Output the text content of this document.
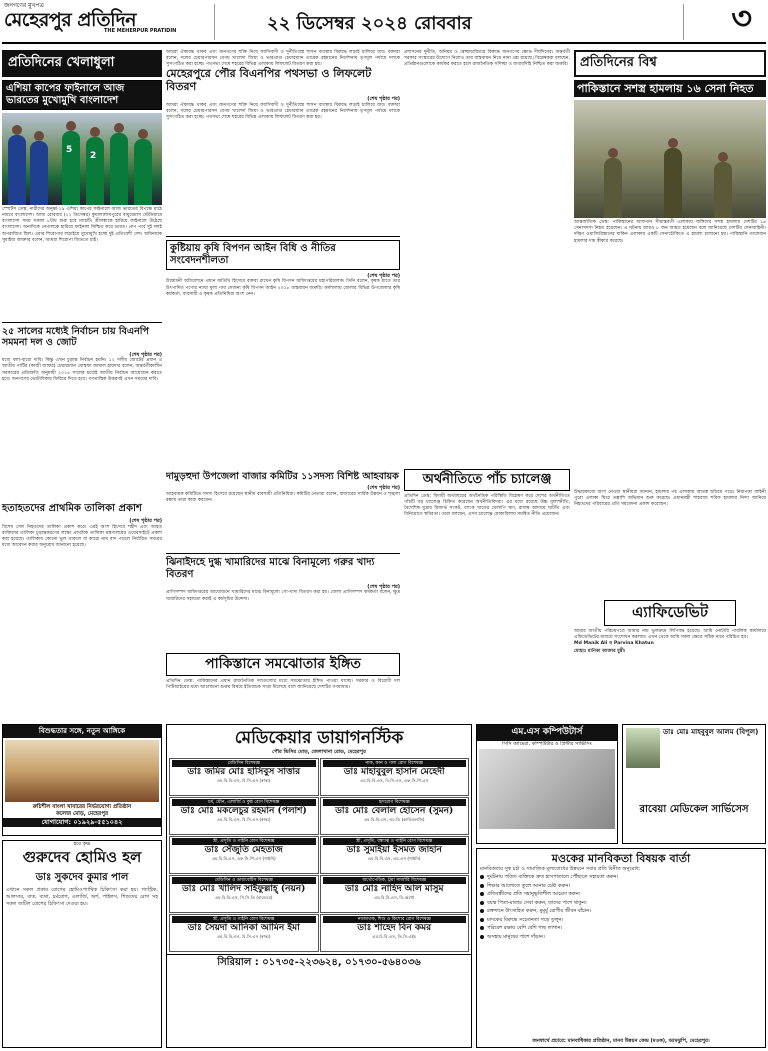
জনগণের মুখপত্র
মেহেরপুর প্রতিদিন
THE MEHERPUR PRATIDIN	২২ ডিসেম্বর ২০২৪ রোববার	৩
প্রতিদিনের খেলাধুলা
এশিয়া কাপের ফাইনালে আজ ভারতের মুখোমুখি বাংলাদেশ
5
2
স্পোর্টস ডেস্ক: নারীদের অনূর্ধ্ব-১৯ এশিয়া কাপের ফাইনালে আজ ভারতের বিপক্ষে মাঠে নামবে বাংলাদেশ। আজ রোববার (২২ ডিসেম্বর) কুয়ালালামপুরের বায়ুয়েমাস স্টেডিয়ামে বাংলাদেশ সময় সকাল ৮টায় শুরু হবে ম্যাচটি। শ্রীলঙ্কাকে হারিয়ে ফাইনালে উঠেছে বাংলাদেশ। অন্যদিকে নেপালকে হারিয়ে ফাইনাল নিশ্চিত করে ভারত। গ্রুপ পর্বে দুই দলই অপরাজিত ছিল। এবার শিরোপার লড়াইয়ে মুখোমুখি হচ্ছে দুই প্রতিবেশী দেশ। অধিনায়ক সুমাইয়া আক্তার বলেন, আমরা শিরোপা জিততে চাই।
২৫ সালের মধ্যেই নির্বাচন চায় বিএনপি সমমনা দল ও জোট
(শেষ পৃষ্ঠার পর)
মধ্যে বলা-বারো দাবি। কিন্তু এখন চুড়ান্ত নির্বাচন হয়নি। ১২ দলীয় জোটের প্রধান ও জাতীয় পার্টির (কাজী জাফর) চেয়ারম্যান মোস্তফা জামাল হায়দার বলেন, অন্তর্বর্তীকালীন সরকারের প্রতিশ্রুতি অনুযায়ী ২০২৫ সালের মধ্যেই জাতীয় নির্বাচন আয়োজন করতে হবে। জনগণের ভোটাধিকার ফিরিয়ে দিতে হবে। গণতান্ত্রিক উত্তরণই এখন সময়ের দাবি।
আমরা ঐক্যবদ্ধ থাকব এবং জনগণের শক্তি নিয়ে ফ্যাসিবাদী ও দুর্নীতিগ্রস্ত শাসন ব্যবস্থার বিরুদ্ধে লড়াই চালিয়ে যাব। বক্তারা বলেন, দলের চেয়ারপারসন বেগম খালেদা জিয়া ও ভারপ্রাপ্ত চেয়ারম্যান তারেক রহমানের নির্দেশনায় তৃণমূল পর্যায়ে দলকে সুসংগঠিত করা হচ্ছে। পথসভা শেষে শহরের বিভিন্ন এলাকায় লিফলেট বিতরণ করা হয়।
মেহেরপুরে পৌর বিএনপির পথসভা ও লিফলেট বিতরণ
(শেষ পৃষ্ঠার পর)
আমরা ঐক্যবদ্ধ থাকব এবং জনগণের শক্তি নিয়ে ফ্যাসিবাদী ও দুর্নীতিগ্রস্ত শাসন ব্যবস্থার বিরুদ্ধে লড়াই চালিয়ে যাব। বক্তারা বলেন, দলের চেয়ারপারসন বেগম খালেদা জিয়া ও ভারপ্রাপ্ত চেয়ারম্যান তারেক রহমানের নির্দেশনায় তৃণমূল পর্যায়ে দলকে সুসংগঠিত করা হচ্ছে। পথসভা শেষে শহরের বিভিন্ন এলাকায় লিফলেট বিতরণ করা হয়।
কুষ্টিয়ায় কৃষি বিপণন আইন বিধি ও নীতির সংবেদনশীলতা
(শেষ পৃষ্ঠার পর)
উদ্বোধনী অধিবেশনে প্রধান অতিথি হিসেবে বক্তব্য রাখেন কৃষি বিপণন অধিদপ্তরের মহাপরিচালক। তিনি বলেন, কৃষক যাতে তার উৎপাদিত পণ্যের ন্যায্য মূল্য পায় সেজন্য কৃষি বিপণন আইন ২০১৮ বাস্তবায়ন জরুরি। কর্মশালায় জেলার বিভিন্ন উপজেলার কৃষি কর্মকর্তা, ব্যবসায়ী ও কৃষক প্রতিনিধিরা অংশ নেন।
প্রশাসনের দুর্নীতি, অনিয়ম ও স্বেচ্ছাচারিতার বিরুদ্ধে জনগণের ক্ষোভ দীর্ঘদিনের। অন্তর্বর্তী সরকার সংস্কারের উদ্যোগ নিলেও তার বাস্তবায়ন নিয়ে নানা প্রশ্ন রয়েছে। বিশ্লেষকরা বলছেন, প্রতিষ্ঠানগুলোকে কার্যকর করতে হলে রাজনৈতিক সদিচ্ছা ও জবাবদিহি নিশ্চিত করা জরুরি। প্রতিদিনের বিশ্ব
পাকিস্তানে সশস্ত্র হামলায় ১৬ সেনা নিহত
আন্তর্জাতিক ডেস্ক: পাকিস্তানের আফগান সীমান্তবর্তী এলাকায় জঙ্গিদের সশস্ত্র হামলায় দেশটির ১৬ সেনাসদস্য নিহত হয়েছেন। এ ঘটনায় আরও ৮ জন আহত হয়েছেন বলে জানিয়েছে দেশটির সেনাবাহিনী। দক্ষিণ ওয়াজিরিস্তানের মাকিন এলাকায় একটি সেনাচৌকিতে এ হামলা চালানো হয়। পাকিস্তানি তালেবান হামলার দায় স্বীকার করেছে।
হতাহতদের প্রাথমিক তালিকা প্রকাশ
(শেষ পৃষ্ঠার পর)
বিশেষ সেল নিহতদের তালিকা প্রকাশ করে। এরই অংশ হিসেবে শহীদ এবং আহত ব্যক্তিদের তালিকা চূড়ান্তকরণের লক্ষ্যে প্রাথমিক তালিকা মন্ত্রণালয়ের ওয়েবসাইটে প্রকাশ করা হয়েছে। তালিকায় কোনো ভুল থাকলে বা কারো নাম বাদ পড়লে নির্ধারিত সময়ের মধ্যে আবেদন করার অনুরোধ জানানো হয়েছে।
দামুড়হুদা উপজেলা বাজার কমিটির ১১সদস্য বিশিষ্ট আহবায়ক
(শেষ পৃষ্ঠার পর)
আহবায়ক কমিটিতে সদস্য হিসেবে রয়েছেন স্থানীয় ব্যবসায়ী প্রতিনিধিরা। কমিটির নেতারা বলেন, বাজারের সার্বিক উন্নয়ন ও শৃঙ্খলা রক্ষায় তারা কাজ করবেন।
ঝিনাইদহে দুগ্ধ খামারিদের মাঝে বিনামূল্যে গরুর খাদ্য বিতরণ
(শেষ পৃষ্ঠার পর)
প্রাণিসম্পদ অধিদপ্তরের আয়োজনে খামারিদের মাঝে বিনামূল্যে গো-খাদ্য বিতরণ করা হয়। জেলা প্রাণিসম্পদ কর্মকর্তা বলেন, ক্ষুদ্র খামারিদের সহায়তা করাই এ কর্মসূচির উদ্দেশ্য।
পাকিস্তানে সমঝোতার ইঙ্গিত
প্রতিদিন ডেস্ক: পাকিস্তানের প্রধান রাজনৈতিক দলগুলোর মধ্যে সমঝোতার ইঙ্গিত পাওয়া যাচ্ছে। সরকার ও বিরোধী দল পিটিআইয়ের মধ্যে আলোচনা শুরুর বিষয়ে ইতিবাচক সাড়া মিলেছে বলে জানিয়েছে দেশটির গণমাধ্যম।
অর্থনীতিতে পাঁচ চ্যালেঞ্জ
প্রতিদিন ডেস্ক: বিদায়ী অর্থবছরের অর্থনৈতিক পরিস্থিতি বিশ্লেষণ করে দেশের অর্থনীতিতে পাঁচটি বড় চ্যালেঞ্জ চিহ্নিত করেছেন অর্থনীতিবিদরা। এর মধ্যে রয়েছে উচ্চ মূল্যস্ফীতি, বৈদেশিক মুদ্রার রিজার্ভ সংকট, ব্যাংক খাতের খেলাপি ঋণ, রাজস্ব আদায়ে ঘাটতি এবং বিনিয়োগে স্থবিরতা। তারা বলছেন, এসব চ্যালেঞ্জ মোকাবিলায় সমন্বিত নীতি প্রয়োজন।
উদ্ধারকাজে অংশ নেওয়া স্থানীয়রা জানান, হামলার পর এলাকায় আতঙ্ক ছড়িয়ে পড়ে। নিরাপত্তা বাহিনী পুরো এলাকা ঘিরে তল্লাশি অভিযান শুরু করেছে। প্রধানমন্ত্রী শাহবাজ শরিফ হামলার নিন্দা জানিয়ে নিহতদের পরিবারের প্রতি সমবেদনা প্রকাশ করেছেন।
এ্যাফিডেভিট
আমার জাতীয় পরিচয়পত্রে আমার নাম ভুলক্রমে লিপিবদ্ধ হয়েছে। আমি নোটারি পাবলিক কার্যালয়ে এফিডেভিটের মাধ্যমে সংশোধন করলাম। এখন থেকে আমি সকল ক্ষেত্রে সঠিক নামে পরিচিত হব।
Md Manik Ali ও Parvina Khatun
মোছাঃ মানিকা আক্তার মুন্নী।
বিশুদ্ধতার সঙ্গে, নতুন আঙ্গিকে
রুচিশীল বাংলা খাবারের নির্ভরযোগ্য প্রতিষ্ঠান
কলেজ মোড়, মেহেরপুর
যোগাযোগ: ০১৯২৯-৫৫১০৪২
হরে কৃষ্ণ
গুরুদেব হোমিও হল
ডাঃ সুকদেব কুমার পাল
এখানে সকল প্রকার রোগের হোমিওপ্যাথিক চিকিৎসা করা হয়। গ্যাস্ট্রিক, আলসার, বাত, ব্যথা, চর্মরোগ, এলার্জি, অর্শ, পাইলস, শিশুদের রোগ সহ সকল জটিল রোগের চিকিৎসা দেওয়া হয়।
মেডিকেয়ার ডায়াগনস্টিক
পৌর ভিসির মোড়, জেলাখানা রোড, মেহেরপুর
মেডিসিন বিশেষজ্ঞ
ডাঃ জমির মোঃ হাসিবুস সাত্তার
এম.বি.বি.এস, বি.সি.এস (স্বাস্থ্য)
নাক, কান ও গলা রোগ বিশেষজ্ঞ
ডাঃ মাহাবুবুল হাসান মেহেদী
এম.বি.বি.এস, বি.সি.এস, এফ.সি.পি.এস
চর্ম, যৌন, এলার্জি ও কুষ্ঠ রোগ বিশেষজ্ঞ
ডাঃ মোঃ মকলেচুর রহমান (পলাশ)
এম.বি.বি.এস, বি.সি.এস (স্বাস্থ্য)
হৃদরোগ বিশেষজ্ঞ
ডাঃ মোঃ বেলাল হোসেন (সুমন)
এম.বি.বি.এস, এম.ডি (কার্ডিওলজি)
স্ত্রী, প্রসূতি ও গাইনি রোগ বিশেষজ্ঞ
ডাঃ সেঁজুতি মেহতাজ
এম.বি.বি.এস, এফ.সি.পি.এস (গাইনি)
স্ত্রী, প্রসূতি, বন্ধ্যাত্ব ও গাইনি রোগ বিশেষজ্ঞ
ডাঃ সুমাইয়া ইসমত জাহান
এম.বি.বি.এস, এম.এস (গাইনি)
মেডিসিন ও ডায়াবেটিস বিশেষজ্ঞ
ডাঃ মোঃ খালিদ সাইফুল্লাহ্ (নয়ন)
এম.বি.বি.এস, সি.সি.ডি (বারডেম)
অর্থোপেডিক, ট্রমা সার্জারি বিশেষজ্ঞ
ডাঃ মোঃ নাহিদ আল মাসুম
এম.বি.বি.এস, ডি.অর্থো
স্ত্রী, প্রসূতি ও গাইনি রোগ বিশেষজ্ঞ
ডাঃ সৈয়দা আনিকা আমিন ইমা
এম.বি.বি.এস, বি.সি.এস (স্বাস্থ্য)
নবজাতক, শিশু ও কিশোর রোগ বিশেষজ্ঞ
ডাঃ শাহেদ বিন কমর
এম.বি.বি.এস, ডি.সি.এইচ
সিরিয়াল : ০১৭৩৫-২২৩৬২৪, ০১৭৩০-৫৬৪০৩৬
এম.এস কম্পিউটার্স
সিসি ক্যামেরা, কম্পিউটার ও প্রিন্টার সার্ভিসিং
ডাঃ মোঃ মাহবুবুল আলম (বিপুল)
রাবেয়া মেডিকেল সার্ভিসেস
মওকের মানবিকতা বিষয়ক বার্তা
মানবিকতার সুস্থ চর্চা ও সামাজিক মূল্যবোধের উন্নয়নে সবার প্রতি বিনীত অনুরোধ:
দুর্ঘটনায় পতিত ব্যক্তিকে দ্রুত হাসপাতালে পৌঁছাতে সহায়তা করুন।
শিক্ষার আলোতে তুলে আনার চেষ্টা করুন।
প্রতিবন্ধীদের প্রতি সহানুভূতিশীল আচরণ করুন।
বয়স্ক পিতা-মাতার সেবা করুন, তাদের পাশে থাকুন।
রক্তদানে উৎসাহিত করুন, মুমূর্ষু রোগীর জীবন বাঁচান।
মাদকের বিরুদ্ধে সচেতনতা গড়ে তুলুন।
পরিবেশ রক্ষায় বেশি বেশি গাছ লাগান।
অসহায় মানুষের পাশে দাঁড়ান।
জনস্বার্থে প্রচারে: মানবাধিকার প্রতিষ্ঠান, মানব উন্নয়ন কেন্দ্র (মওক), আমঝুপি, মেহেরপুর।
